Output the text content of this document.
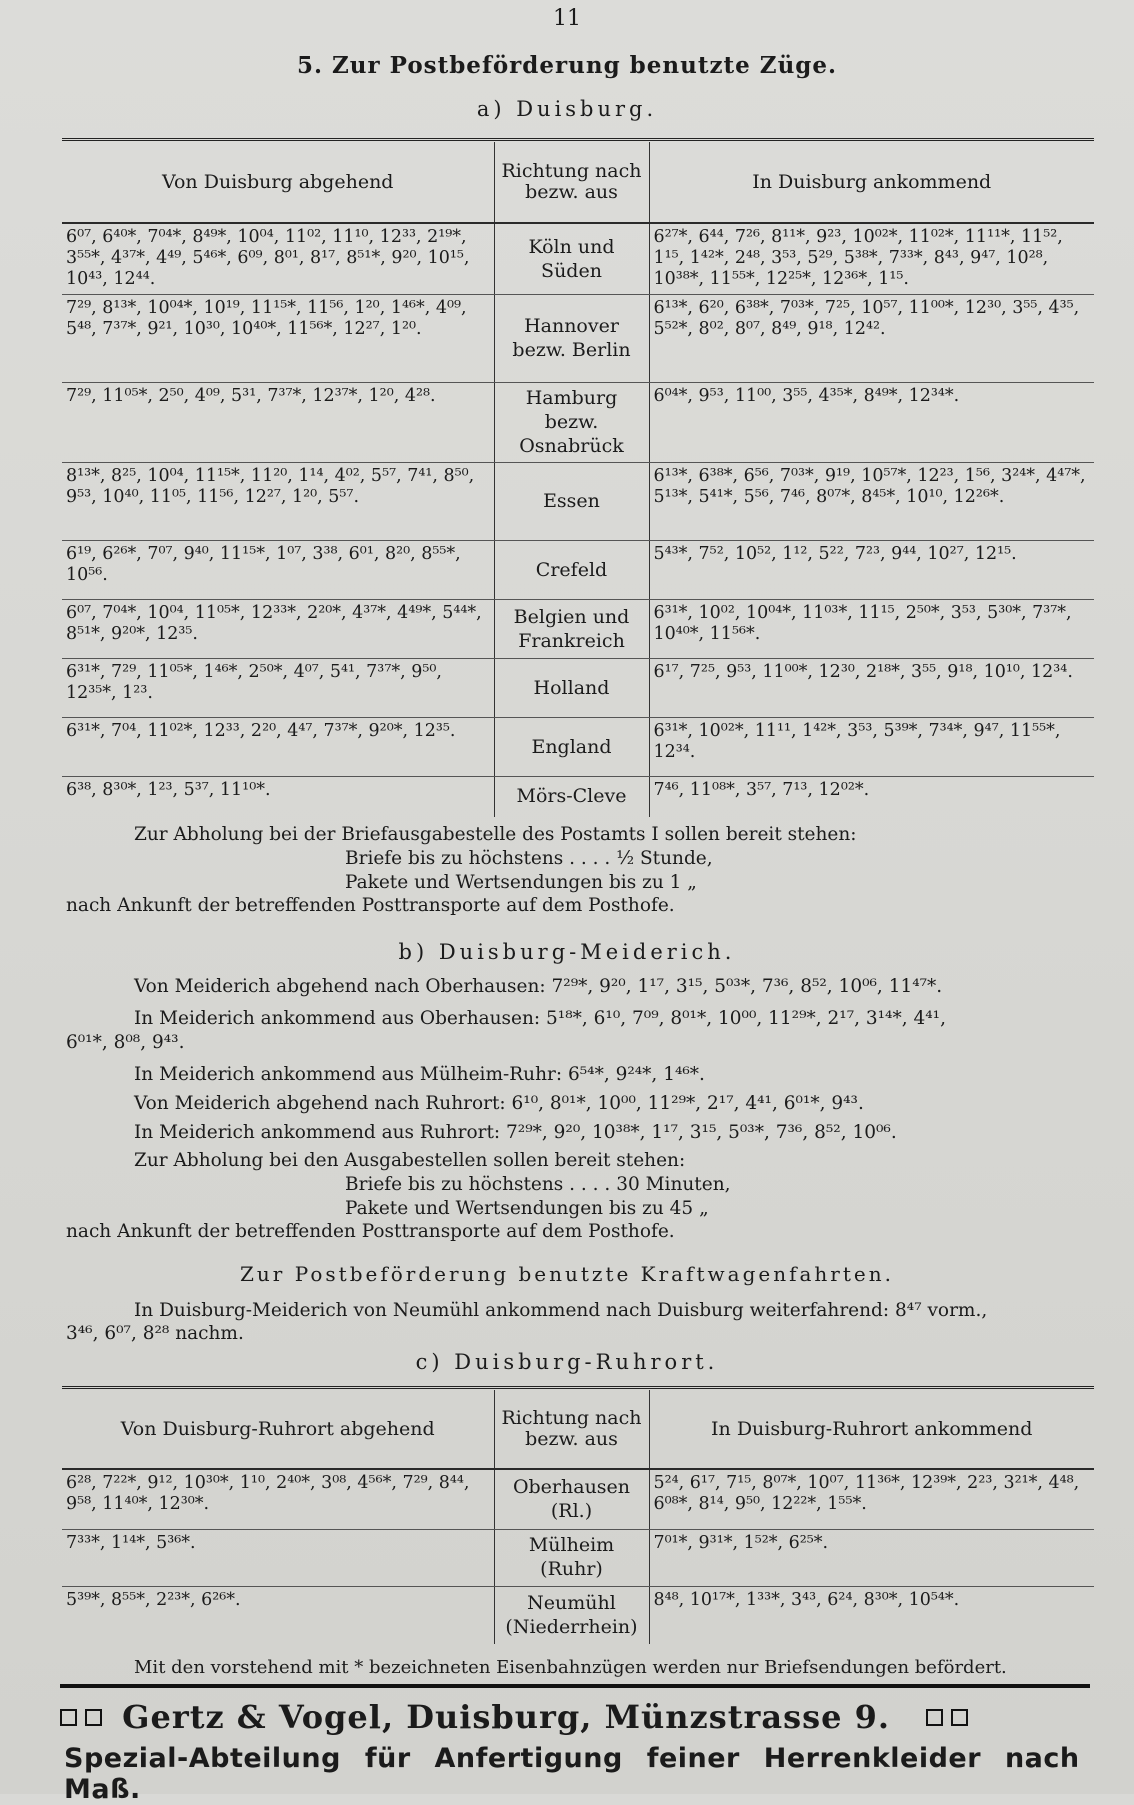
11
5. Zur Postbeförderung benutzte Züge.
a) Duisburg.
Von Duisburg abgehend	Richtung nach bezw. aus	In Duisburg ankommend
6⁰⁷, 6⁴⁰*, 7⁰⁴*, 8⁴⁹*, 10⁰⁴, 11⁰², 11¹⁰, 12³³, 2¹⁹*, 3⁵⁵*, 4³⁷*, 4⁴⁹, 5⁴⁶*, 6⁰⁹, 8⁰¹, 8¹⁷, 8⁵¹*, 9²⁰, 10¹⁵, 10⁴³, 12⁴⁴.	Köln und Süden	6²⁷*, 6⁴⁴, 7²⁶, 8¹¹*, 9²³, 10⁰²*, 11⁰²*, 11¹¹*, 11⁵², 1¹⁵, 1⁴²*, 2⁴⁸, 3⁵³, 5²⁹, 5³⁸*, 7³³*, 8⁴³, 9⁴⁷, 10²⁸, 10³⁸*, 11⁵⁵*, 12²⁵*, 12³⁶*, 1¹⁵.
7²⁹, 8¹³*, 10⁰⁴*, 10¹⁹, 11¹⁵*, 11⁵⁶, 1²⁰, 1⁴⁶*, 4⁰⁹, 5⁴⁸, 7³⁷*, 9²¹, 10³⁰, 10⁴⁰*, 11⁵⁶*, 12²⁷, 1²⁰.	Hannover bezw. Berlin	6¹³*, 6²⁰, 6³⁸*, 7⁰³*, 7²⁵, 10⁵⁷, 11⁰⁰*, 12³⁰, 3⁵⁵, 4³⁵, 5⁵²*, 8⁰², 8⁰⁷, 8⁴⁹, 9¹⁸, 12⁴².
7²⁹, 11⁰⁵*, 2⁵⁰, 4⁰⁹, 5³¹, 7³⁷*, 12³⁷*, 1²⁰, 4²⁸.	Hamburg bezw. Osnabrück	6⁰⁴*, 9⁵³, 11⁰⁰, 3⁵⁵, 4³⁵*, 8⁴⁹*, 12³⁴*.
8¹³*, 8²⁵, 10⁰⁴, 11¹⁵*, 11²⁰, 1¹⁴, 4⁰², 5⁵⁷, 7⁴¹, 8⁵⁰, 9⁵³, 10⁴⁰, 11⁰⁵, 11⁵⁶, 12²⁷, 1²⁰, 5⁵⁷.	Essen	6¹³*, 6³⁸*, 6⁵⁶, 7⁰³*, 9¹⁹, 10⁵⁷*, 12²³, 1⁵⁶, 3²⁴*, 4⁴⁷*, 5¹³*, 5⁴¹*, 5⁵⁶, 7⁴⁶, 8⁰⁷*, 8⁴⁵*, 10¹⁰, 12²⁶*.
6¹⁹, 6²⁶*, 7⁰⁷, 9⁴⁰, 11¹⁵*, 1⁰⁷, 3³⁸, 6⁰¹, 8²⁰, 8⁵⁵*, 10⁵⁶.	Crefeld	5⁴³*, 7⁵², 10⁵², 1¹², 5²², 7²³, 9⁴⁴, 10²⁷, 12¹⁵.
6⁰⁷, 7⁰⁴*, 10⁰⁴, 11⁰⁵*, 12³³*, 2²⁰*, 4³⁷*, 4⁴⁹*, 5⁴⁴*, 8⁵¹*, 9²⁰*, 12³⁵.	Belgien und Frankreich	6³¹*, 10⁰², 10⁰⁴*, 11⁰³*, 11¹⁵, 2⁵⁰*, 3⁵³, 5³⁰*, 7³⁷*, 10⁴⁰*, 11⁵⁶*.
6³¹*, 7²⁹, 11⁰⁵*, 1⁴⁶*, 2⁵⁰*, 4⁰⁷, 5⁴¹, 7³⁷*, 9⁵⁰, 12³⁵*, 1²³.	Holland	6¹⁷, 7²⁵, 9⁵³, 11⁰⁰*, 12³⁰, 2¹⁸*, 3⁵⁵, 9¹⁸, 10¹⁰, 12³⁴.
6³¹*, 7⁰⁴, 11⁰²*, 12³³, 2²⁰, 4⁴⁷, 7³⁷*, 9²⁰*, 12³⁵.	England	6³¹*, 10⁰²*, 11¹¹, 1⁴²*, 3⁵³, 5³⁹*, 7³⁴*, 9⁴⁷, 11⁵⁵*, 12³⁴.
6³⁸, 8³⁰*, 1²³, 5³⁷, 11¹⁰*.	Mörs-Cleve	7⁴⁶, 11⁰⁸*, 3⁵⁷, 7¹³, 12⁰²*.
Zur Abholung bei der Briefausgabestelle des Postamts I sollen bereit stehen:
Briefe bis zu höchstens . . . . ½ Stunde,
Pakete und Wertsendungen bis zu 1 „
nach Ankunft der betreffenden Posttransporte auf dem Posthofe.
b) Duisburg-Meiderich.
Von Meiderich abgehend nach Oberhausen: 7²⁹*, 9²⁰, 1¹⁷, 3¹⁵, 5⁰³*, 7³⁶, 8⁵², 10⁰⁶, 11⁴⁷*.
In Meiderich ankommend aus Oberhausen: 5¹⁸*, 6¹⁰, 7⁰⁹, 8⁰¹*, 10⁰⁰, 11²⁹*, 2¹⁷, 3¹⁴*, 4⁴¹,
6⁰¹*, 8⁰⁸, 9⁴³.
In Meiderich ankommend aus Mülheim-Ruhr: 6⁵⁴*, 9²⁴*, 1⁴⁶*.
Von Meiderich abgehend nach Ruhrort: 6¹⁰, 8⁰¹*, 10⁰⁰, 11²⁹*, 2¹⁷, 4⁴¹, 6⁰¹*, 9⁴³.
In Meiderich ankommend aus Ruhrort: 7²⁹*, 9²⁰, 10³⁸*, 1¹⁷, 3¹⁵, 5⁰³*, 7³⁶, 8⁵², 10⁰⁶.
Zur Abholung bei den Ausgabestellen sollen bereit stehen:
Briefe bis zu höchstens . . . . 30 Minuten,
Pakete und Wertsendungen bis zu 45 „
nach Ankunft der betreffenden Posttransporte auf dem Posthofe.
Zur Postbeförderung benutzte Kraftwagenfahrten.
In Duisburg-Meiderich von Neumühl ankommend nach Duisburg weiterfahrend: 8⁴⁷ vorm.,
3⁴⁶, 6⁰⁷, 8²⁸ nachm.
c) Duisburg-Ruhrort.
Von Duisburg-Ruhrort abgehend	Richtung nach bezw. aus	In Duisburg-Ruhrort ankommend
6²⁸, 7²²*, 9¹², 10³⁰*, 1¹⁰, 2⁴⁰*, 3⁰⁸, 4⁵⁶*, 7²⁹, 8⁴⁴, 9⁵⁸, 11⁴⁰*, 12³⁰*.	Oberhausen (Rl.)	5²⁴, 6¹⁷, 7¹⁵, 8⁰⁷*, 10⁰⁷, 11³⁶*, 12³⁹*, 2²³, 3²¹*, 4⁴⁸, 6⁰⁸*, 8¹⁴, 9⁵⁰, 12²²*, 1⁵⁵*.
7³³*, 1¹⁴*, 5³⁶*.	Mülheim (Ruhr)	7⁰¹*, 9³¹*, 1⁵²*, 6²⁵*.
5³⁹*, 8⁵⁵*, 2²³*, 6²⁶*.	Neumühl (Niederrhein)	8⁴⁸, 10¹⁷*, 1³³*, 3⁴³, 6²⁴, 8³⁰*, 10⁵⁴*.
Mit den vorstehend mit * bezeichneten Eisenbahnzügen werden nur Briefsendungen befördert.
Gertz & Vogel, Duisburg, Münzstrasse 9.
Spezial-Abteilung für Anfertigung feiner Herrenkleider nach Maß.
